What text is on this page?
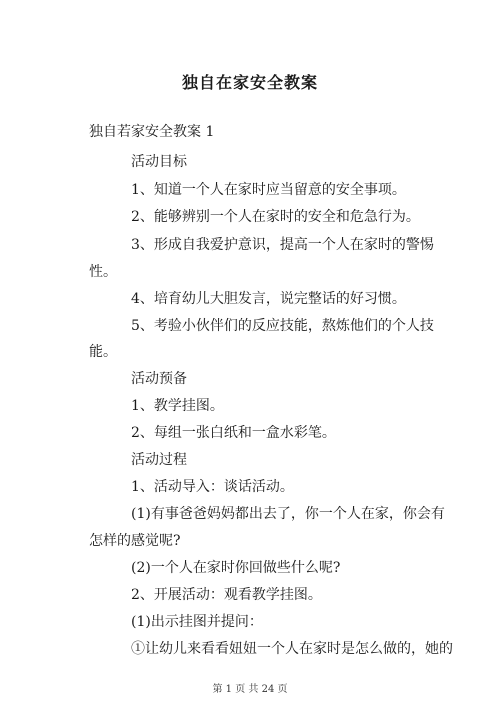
独自在家安全教案
独自若家安全教案 1
活动目标
1、知道一个人在家时应当留意的安全事项。
2、能够辨别一个人在家时的安全和危急行为。
3、形成自我爱护意识，提高一个人在家时的警惕
性。
4、培育幼儿大胆发言，说完整话的好习惯。
5、考验小伙伴们的反应技能，熬炼他们的个人技
能。
活动预备
1、教学挂图。
2、每组一张白纸和一盒水彩笔。
活动过程
1、活动导入：谈话活动。
(1)有事爸爸妈妈都出去了，你一个人在家，你会有
怎样的感觉呢?
(2)一个人在家时你回做些什么呢?
2、开展活动：观看教学挂图。
(1)出示挂图并提问：
①让幼儿来看看妞妞一个人在家时是怎么做的，她的
第 1 页 共 24 页
